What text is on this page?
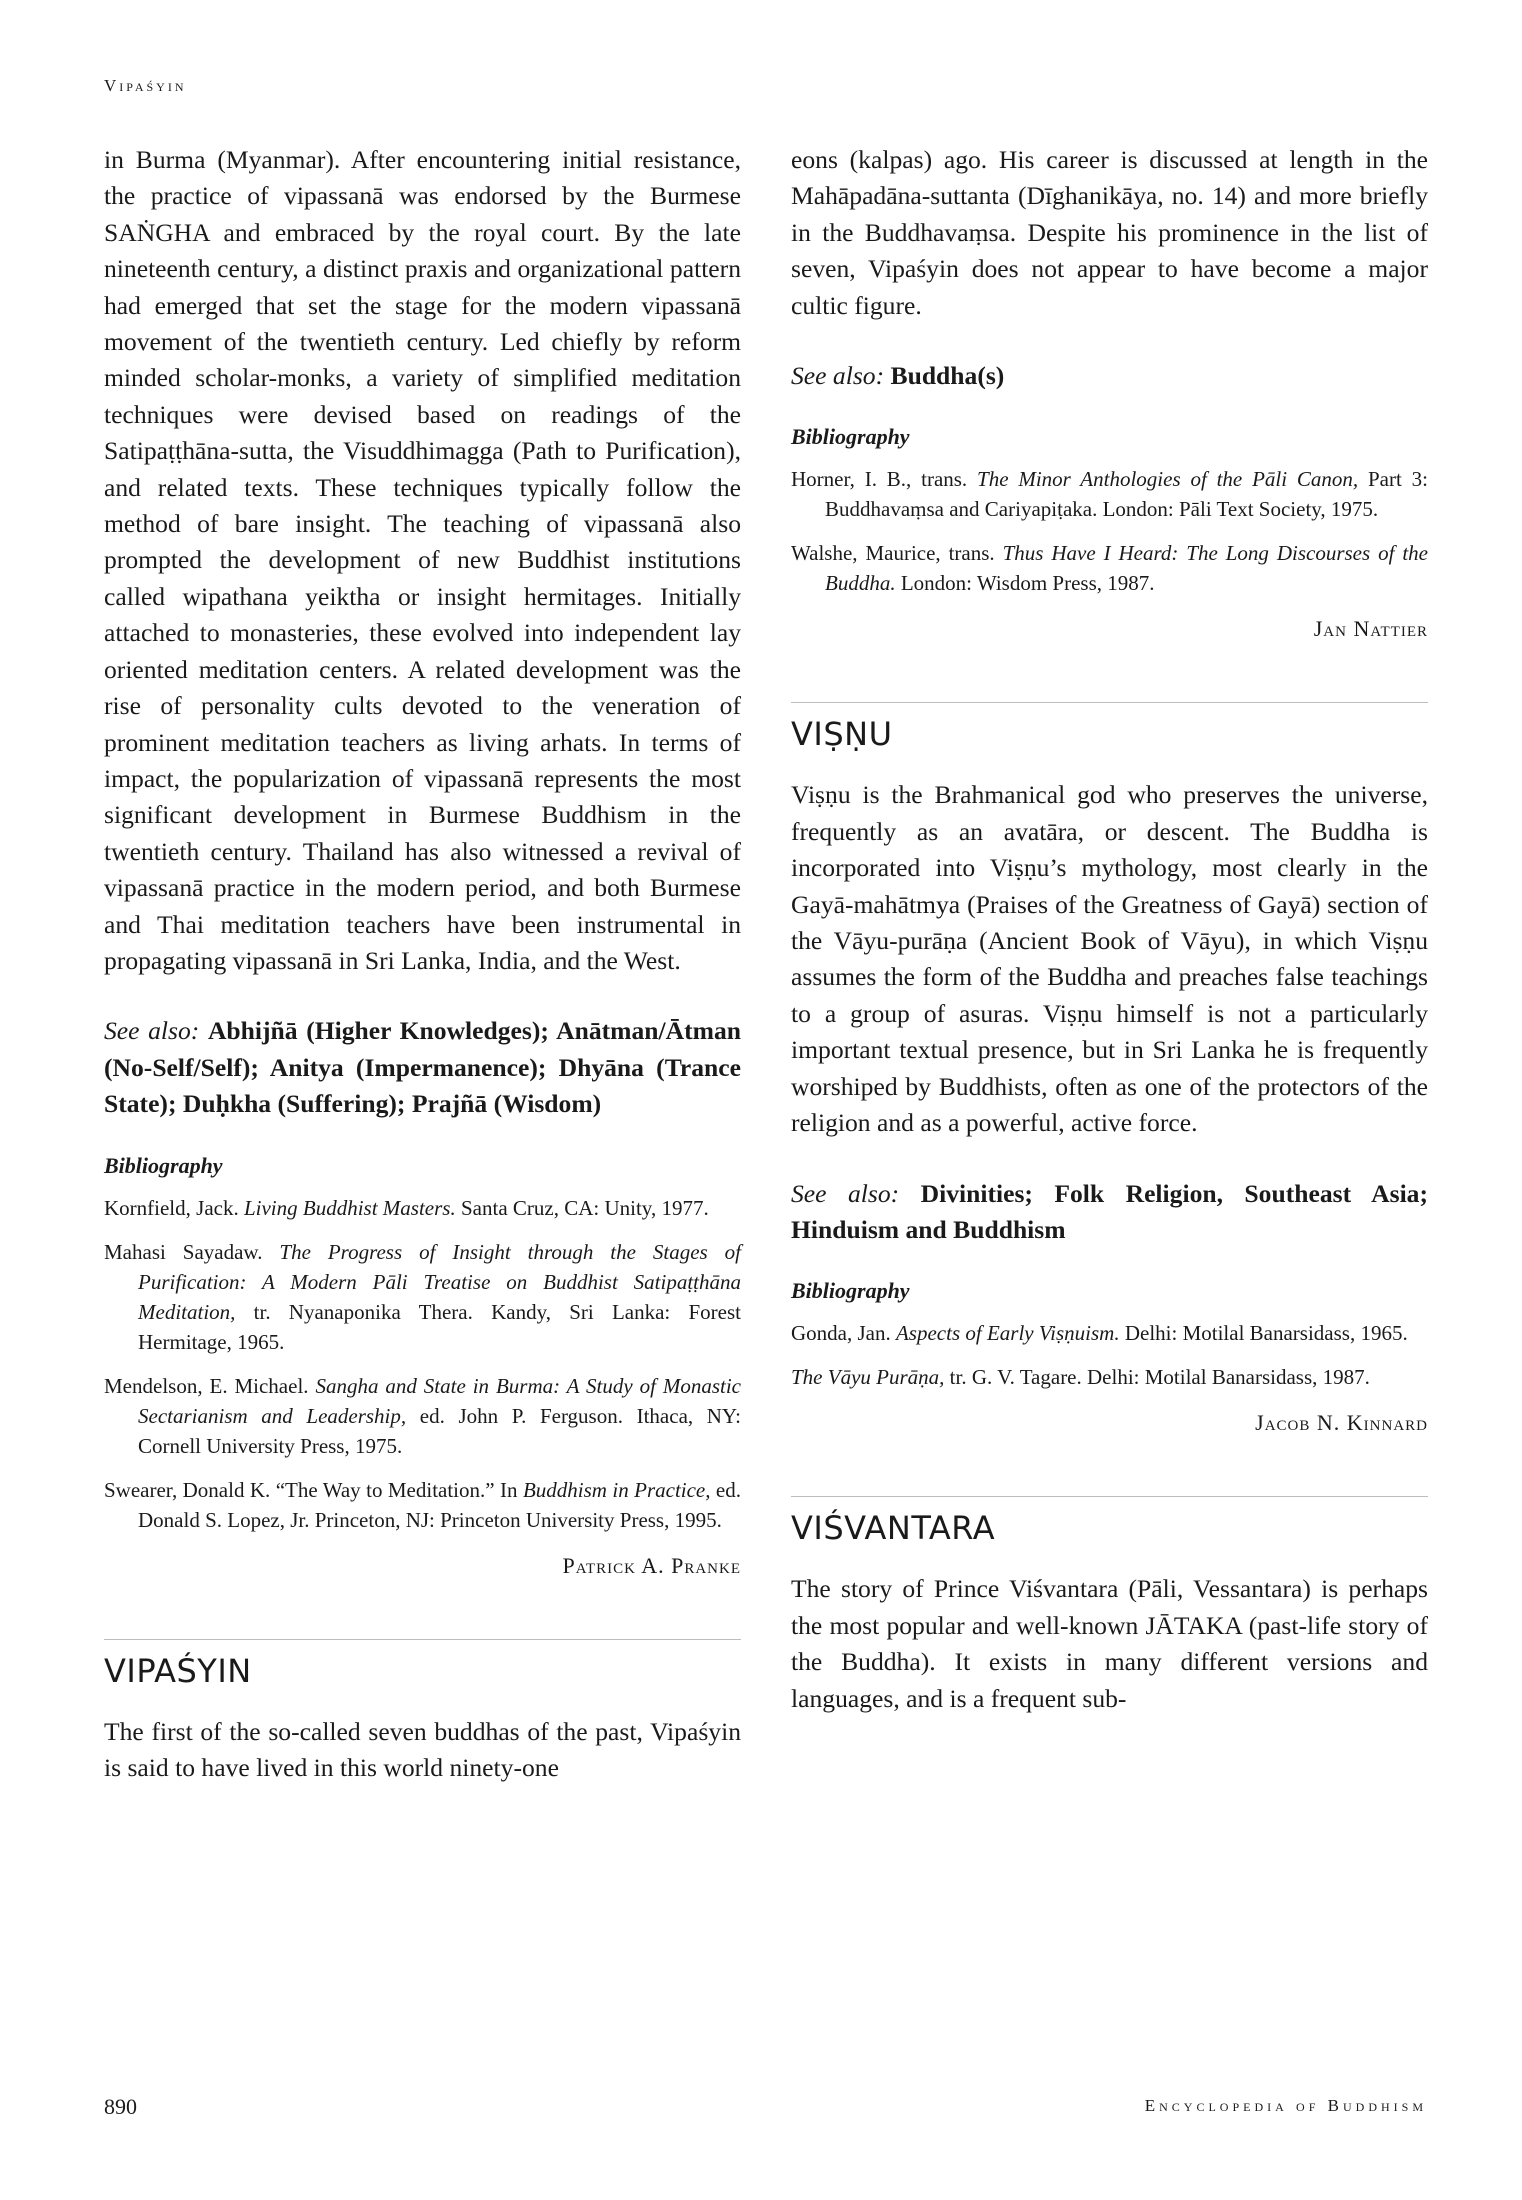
Vipaśyin

in Burma (Myanmar). After encountering initial resistance, the practice of vipassanā was endorsed by the Burmese SAṄGHA and embraced by the royal court. By the late nineteenth century, a distinct praxis and organizational pattern had emerged that set the stage for the modern vipassanā movement of the twentieth century. Led chiefly by reform minded scholar-monks, a variety of simplified meditation techniques were devised based on readings of the Satipaṭṭhāna-sutta, the Visuddhimagga (Path to Purification), and related texts. These techniques typically follow the method of bare insight. The teaching of vipassanā also prompted the development of new Buddhist institutions called wipathana yeiktha or insight hermitages. Initially attached to monasteries, these evolved into independent lay oriented meditation centers. A related development was the rise of personality cults devoted to the veneration of prominent meditation teachers as living arhats. In terms of impact, the popularization of vipassanā represents the most significant development in Burmese Buddhism in the twentieth century. Thailand has also witnessed a revival of vipassanā practice in the modern period, and both Burmese and Thai meditation teachers have been instrumental in propagating vipassanā in Sri Lanka, India, and the West.

See also: Abhijñā (Higher Knowledges); Anātman/Ātman (No-Self/Self); Anitya (Impermanence); Dhyāna (Trance State); Duḥkha (Suffering); Prajñā (Wisdom)

Bibliography
Kornfield, Jack. Living Buddhist Masters. Santa Cruz, CA: Unity, 1977.
Mahasi Sayadaw. The Progress of Insight through the Stages of Purification: A Modern Pāli Treatise on Buddhist Satipaṭṭhāna Meditation, tr. Nyanaponika Thera. Kandy, Sri Lanka: Forest Hermitage, 1965.
Mendelson, E. Michael. Sangha and State in Burma: A Study of Monastic Sectarianism and Leadership, ed. John P. Ferguson. Ithaca, NY: Cornell University Press, 1975.
Swearer, Donald K. “The Way to Meditation.” In Buddhism in Practice, ed. Donald S. Lopez, Jr. Princeton, NJ: Princeton University Press, 1995.
Patrick A. Pranke
VIPAŚYIN

The first of the so-called seven buddhas of the past, Vipaśyin is said to have lived in this world ninety-one

eons (kalpas) ago. His career is discussed at length in the Mahāpadāna-suttanta (Dīghanikāya, no. 14) and more briefly in the Buddhavaṃsa. Despite his prominence in the list of seven, Vipaśyin does not appear to have become a major cultic figure.

See also: Buddha(s)

Bibliography
Horner, I. B., trans. The Minor Anthologies of the Pāli Canon, Part 3: Buddhavaṃsa and Cariyapiṭaka. London: Pāli Text Society, 1975.
Walshe, Maurice, trans. Thus Have I Heard: The Long Discourses of the Buddha. London: Wisdom Press, 1987.
Jan Nattier
VIṢṆU

Viṣṇu is the Brahmanical god who preserves the universe, frequently as an avatāra, or descent. The Buddha is incorporated into Viṣṇu’s mythology, most clearly in the Gayā-mahātmya (Praises of the Greatness of Gayā) section of the Vāyu-purāṇa (Ancient Book of Vāyu), in which Viṣṇu assumes the form of the Buddha and preaches false teachings to a group of asuras. Viṣṇu himself is not a particularly important textual presence, but in Sri Lanka he is frequently worshiped by Buddhists, often as one of the protectors of the religion and as a powerful, active force.

See also: Divinities; Folk Religion, Southeast Asia; Hinduism and Buddhism

Bibliography
Gonda, Jan. Aspects of Early Viṣṇuism. Delhi: Motilal Banarsidass, 1965.
The Vāyu Purāṇa, tr. G. V. Tagare. Delhi: Motilal Banarsidass, 1987.
Jacob N. Kinnard
VIŚVANTARA

The story of Prince Viśvantara (Pāli, Vessantara) is perhaps the most popular and well-known JĀTAKA (past-life story of the Buddha). It exists in many different versions and languages, and is a frequent sub-

890	Encyclopedia of Buddhism
